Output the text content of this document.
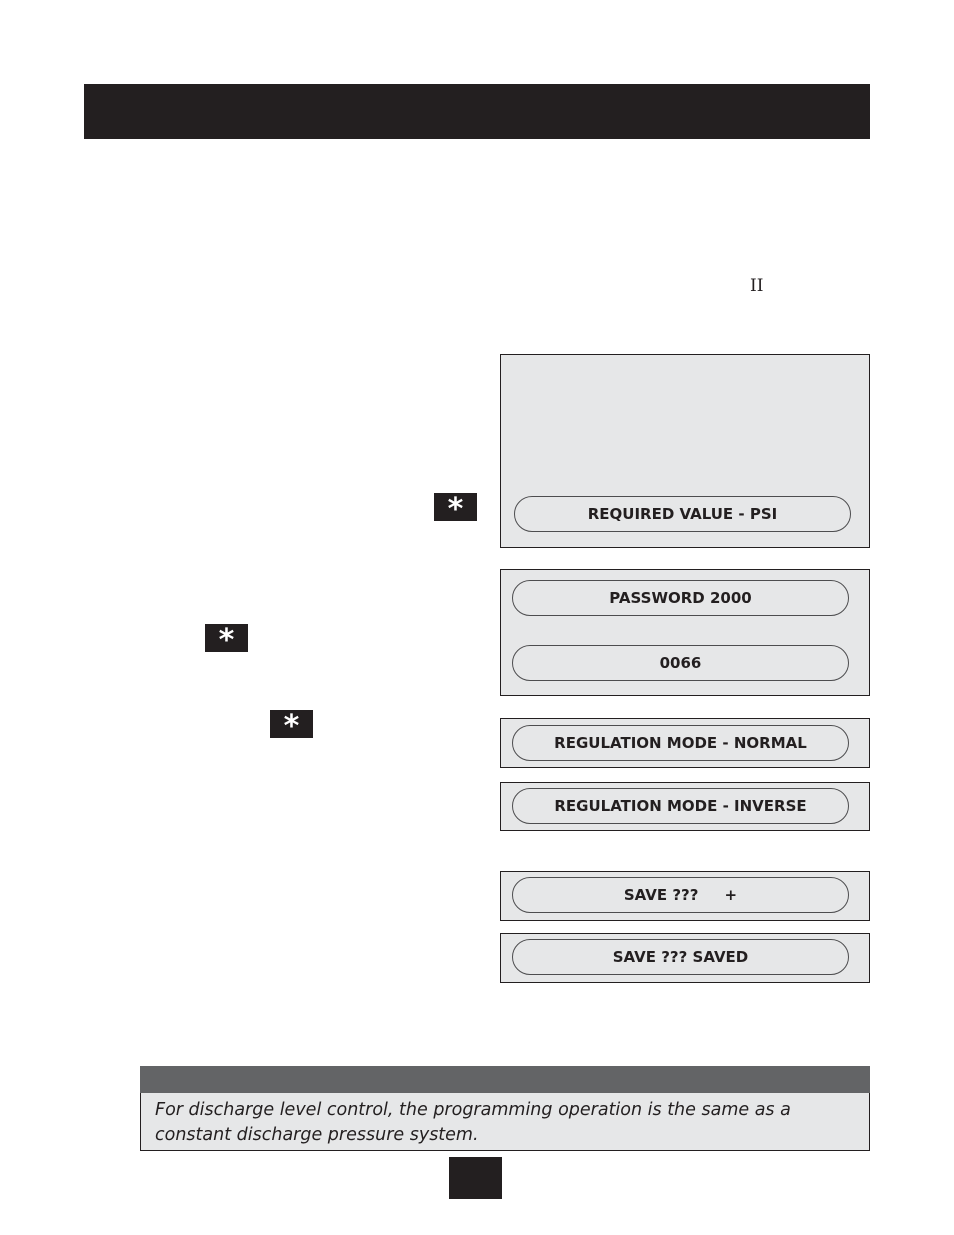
II
*
*
*
REQUIRED VALUE - PSI
PASSWORD 2000
0066
REGULATION MODE - NORMAL
REGULATION MODE - INVERSE
SAVE ???     +
SAVE ??? SAVED
For discharge level control, the programming operation is the same as a constant discharge pressure system.
